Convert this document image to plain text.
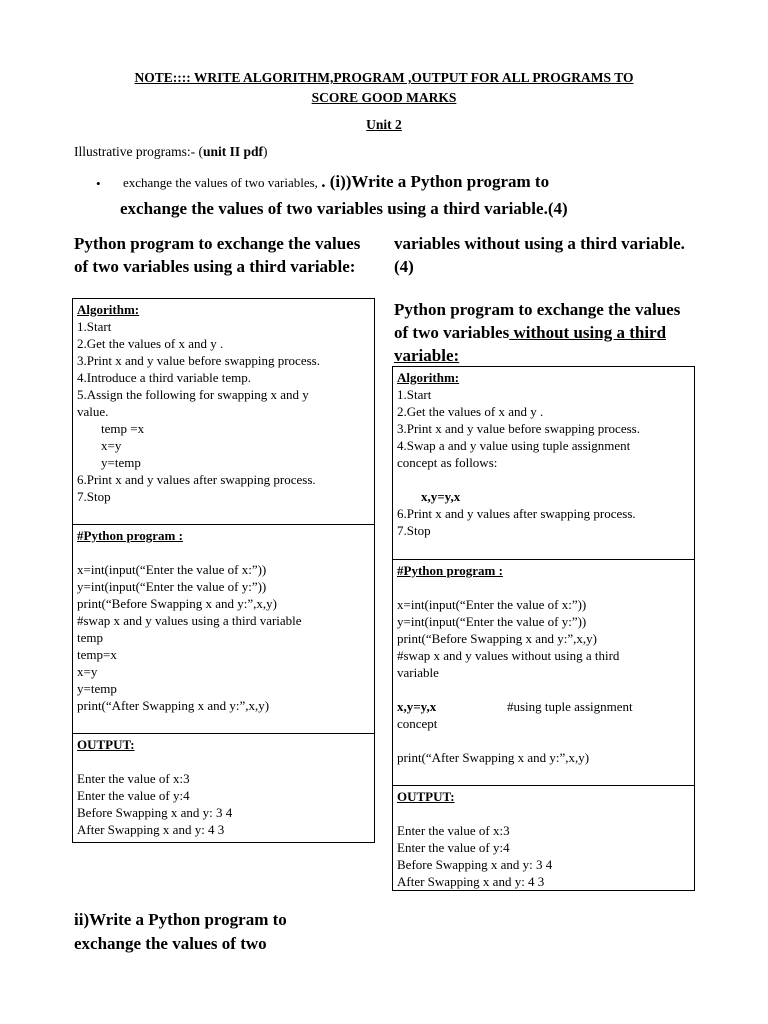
NOTE:::: WRITE ALGORITHM,PROGRAM ,OUTPUT FOR ALL PROGRAMS TO
SCORE GOOD MARKS
Unit 2
Illustrative programs:- (unit II pdf)
• exchange the values of two variables, . (i))Write a Python program to
exchange the values of two variables using a third variable.(4)
Python program to exchange the values of two variables using a third variable:
Algorithm:
1.Start
2.Get the values of x and y .
3.Print x and y value before swapping process.
4.Introduce a third variable temp.
5.Assign the following for swapping x and y
value.
temp =x
x=y
y=temp
6.Print x and y values after swapping process.
7.Stop
#Python program :
x=int(input(“Enter the value of x:”))
y=int(input(“Enter the value of y:”))
print(“Before Swapping x and y:”,x,y)
#swap x and y values using a third variable
temp
temp=x
x=y
y=temp
print(“After Swapping x and y:”,x,y)
OUTPUT:
Enter the value of x:3
Enter the value of y:4
Before Swapping x and y: 3 4
After Swapping x and y: 4 3
variables without using a third variable.(4)
Python program to exchange the values of two variables without using a third variable:
Algorithm:
1.Start
2.Get the values of x and y .
3.Print x and y value before swapping process.
4.Swap a and y value using tuple assignment
concept as follows:
x,y=y,x
6.Print x and y values after swapping process.
7.Stop
#Python program :
x=int(input(“Enter the value of x:”))
y=int(input(“Enter the value of y:”))
print(“Before Swapping x and y:”,x,y)
#swap x and y values without using a third
variable
x,y=y,x	#using tuple assignment
concept
print(“After Swapping x and y:”,x,y)
OUTPUT:
Enter the value of x:3
Enter the value of y:4
Before Swapping x and y: 3 4
After Swapping x and y: 4 3
ii)Write a Python program to
exchange the values of two
